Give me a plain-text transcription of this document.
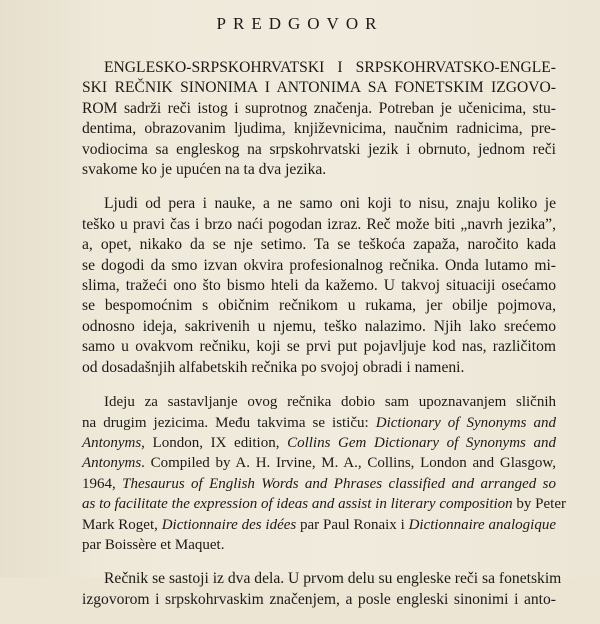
PREDGOVOR

ENGLESKO-SRPSKOHRVATSKI I SRPSKOHRVATSKO-ENGLE-
SKI REČNIK SINONIMA I ANTONIMA SA FONETSKIM IZGOVO-
ROM sadrži reči istog i suprotnog značenja. Potreban je učenicima, stu-
dentima, obrazovanim ljudima, književnicima, naučnim radnicima, pre-
vodiocima sa engleskog na srpskohrvatski jezik i obrnuto, jednom reči
svakome ko je upućen na ta dva jezika.

Ljudi od pera i nauke, a ne samo oni koji to nisu, znaju koliko je
teško u pravi čas i brzo naći pogodan izraz. Reč može biti „navrh jezika”,
a, opet, nikako da se nje setimo. Ta se teškoća zapaža, naročito kada
se dogodi da smo izvan okvira profesionalnog rečnika. Onda lutamo mi-
slima, tražeći ono što bismo hteli da kažemo. U takvoj situaciji osećamo
se bespomoćnim s običnim rečnikom u rukama, jer obilje pojmova,
odnosno ideja, sakrivenih u njemu, teško nalazimo. Njih lako srećemo
samo u ovakvom rečniku, koji se prvi put pojavljuje kod nas, različitom
od dosadašnjih alfabetskih rečnika po svojoj obradi i nameni.

Ideju za sastavljanje ovog rečnika dobio sam upoznavanjem sličnih
na drugim jezicima. Među takvima se ističu: Dictionary of Synonyms and
Antonyms, London, IX edition, Collins Gem Dictionary of Synonyms and
Antonyms. Compiled by A. H. Irvine, M. A., Collins, London and Glasgow,
1964, Thesaurus of English Words and Phrases classified and arranged so
as to facilitate the expression of ideas and assist in literary composition by Peter
Mark Roget, Dictionnaire des idées par Paul Ronaix i Dictionnaire analogique
par Boissère et Maquet.

Rečnik se sastoji iz dva dela. U prvom delu su engleske reči sa fonetskim
izgovorom i srpskohrvaskim značenjem, a posle engleski sinonimi i anto-
